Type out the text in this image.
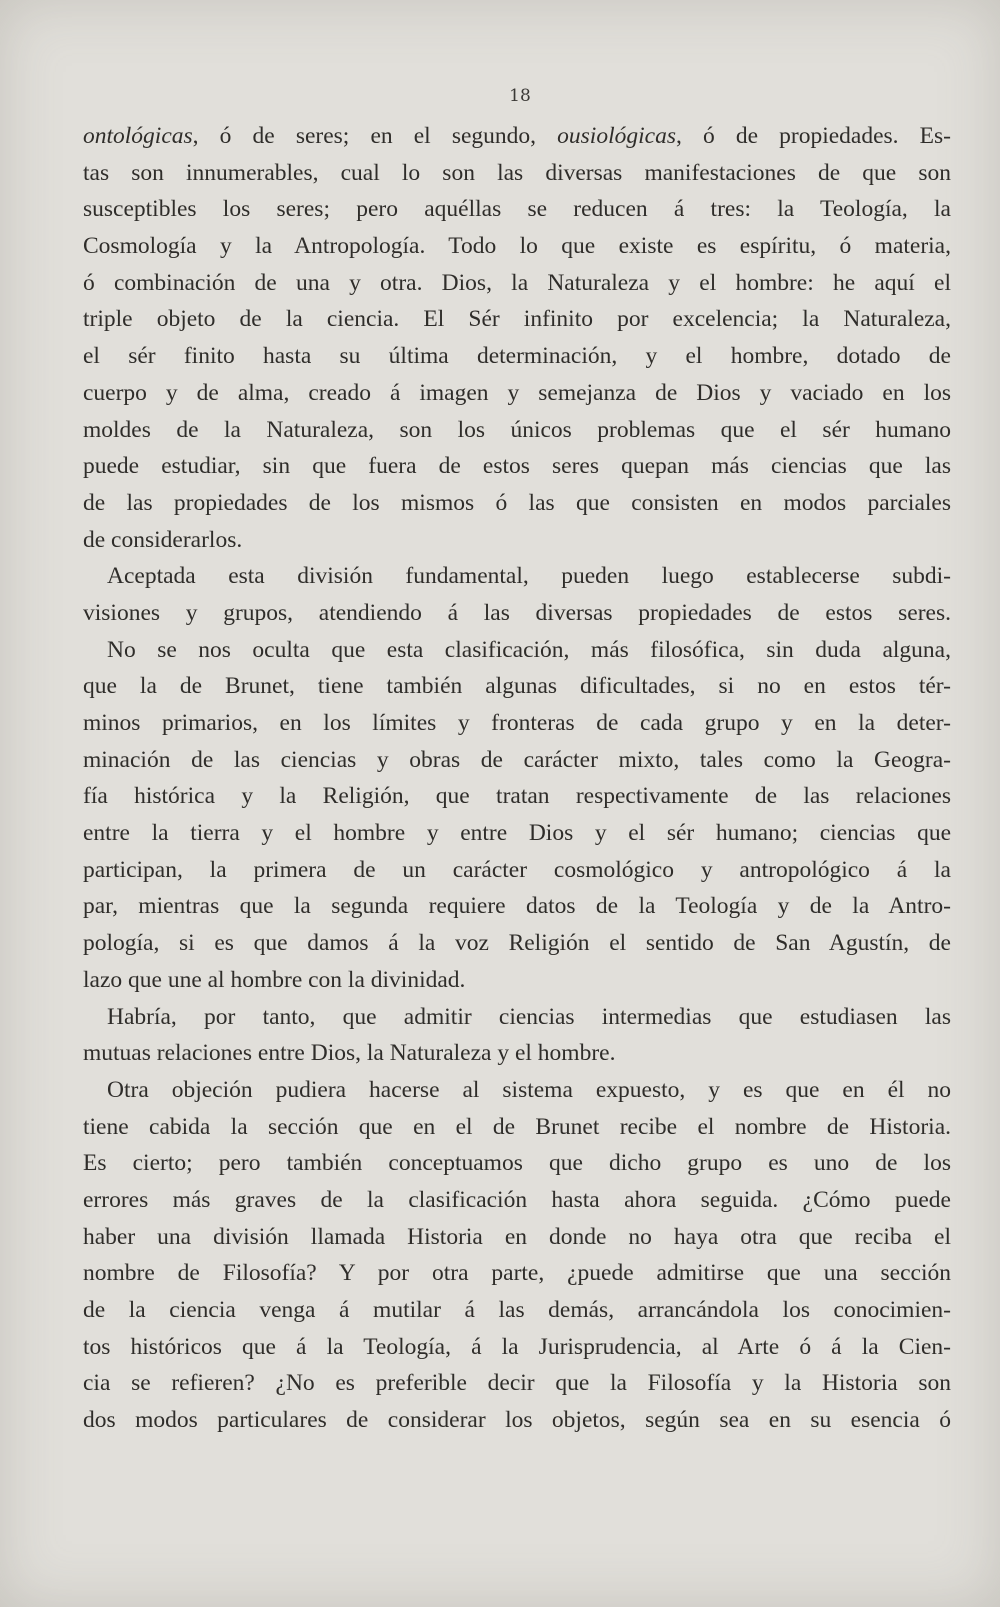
18
ontológicas, ó de seres; en el segundo, ousiológicas, ó de propiedades. Es-
tas son innumerables, cual lo son las diversas manifestaciones de que son
susceptibles los seres; pero aquéllas se reducen á tres: la Teología, la
Cosmología y la Antropología. Todo lo que existe es espíritu, ó materia,
ó combinación de una y otra. Dios, la Naturaleza y el hombre: he aquí el
triple objeto de la ciencia. El Sér infinito por excelencia; la Naturaleza,
el sér finito hasta su última determinación, y el hombre, dotado de
cuerpo y de alma, creado á imagen y semejanza de Dios y vaciado en los
moldes de la Naturaleza, son los únicos problemas que el sér humano
puede estudiar, sin que fuera de estos seres quepan más ciencias que las
de las propiedades de los mismos ó las que consisten en modos parciales
de considerarlos.
Aceptada esta división fundamental, pueden luego establecerse subdi-
visiones y grupos, atendiendo á las diversas propiedades de estos seres.
No se nos oculta que esta clasificación, más filosófica, sin duda alguna,
que la de Brunet, tiene también algunas dificultades, si no en estos tér-
minos primarios, en los límites y fronteras de cada grupo y en la deter-
minación de las ciencias y obras de carácter mixto, tales como la Geogra-
fía histórica y la Religión, que tratan respectivamente de las relaciones
entre la tierra y el hombre y entre Dios y el sér humano; ciencias que
participan, la primera de un carácter cosmológico y antropológico á la
par, mientras que la segunda requiere datos de la Teología y de la Antro-
pología, si es que damos á la voz Religión el sentido de San Agustín, de
lazo que une al hombre con la divinidad.
Habría, por tanto, que admitir ciencias intermedias que estudiasen las
mutuas relaciones entre Dios, la Naturaleza y el hombre.
Otra objeción pudiera hacerse al sistema expuesto, y es que en él no
tiene cabida la sección que en el de Brunet recibe el nombre de Historia.
Es cierto; pero también conceptuamos que dicho grupo es uno de los
errores más graves de la clasificación hasta ahora seguida. ¿Cómo puede
haber una división llamada Historia en donde no haya otra que reciba el
nombre de Filosofía? Y por otra parte, ¿puede admitirse que una sección
de la ciencia venga á mutilar á las demás, arrancándola los conocimien-
tos históricos que á la Teología, á la Jurisprudencia, al Arte ó á la Cien-
cia se refieren? ¿No es preferible decir que la Filosofía y la Historia son
dos modos particulares de considerar los objetos, según sea en su esencia ó
